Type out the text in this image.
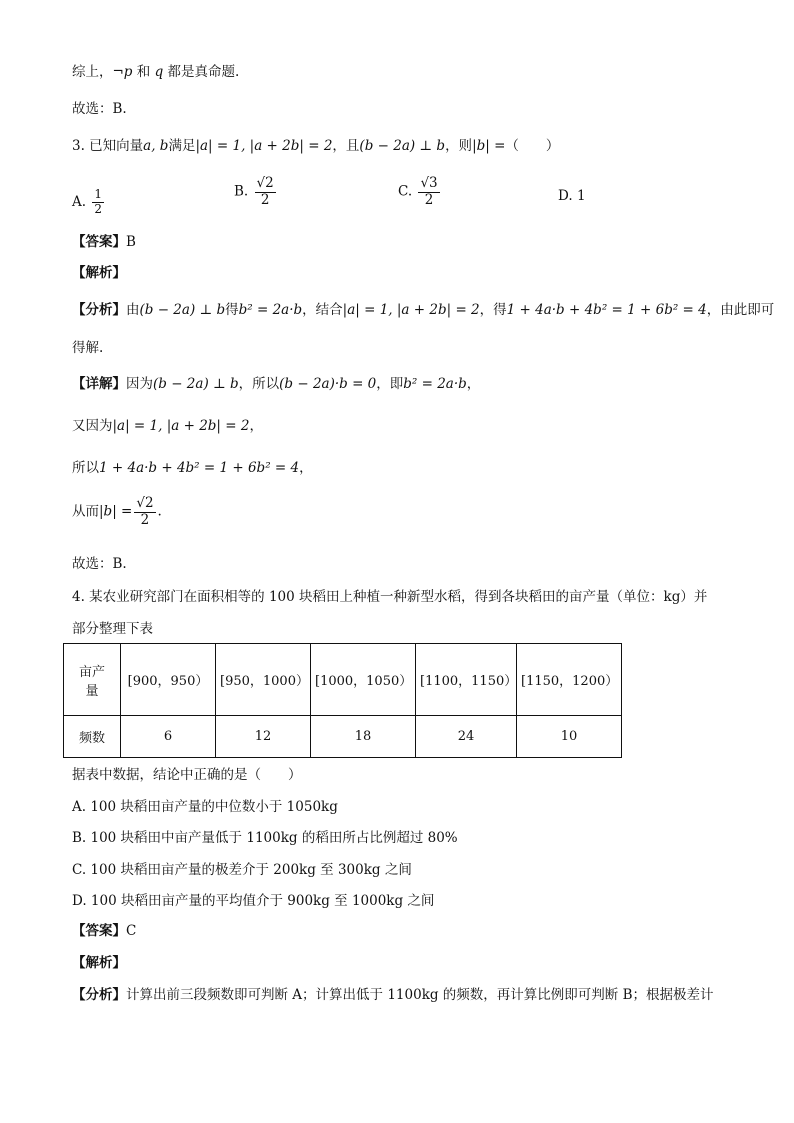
综上，¬p 和 q 都是真命题.
故选：B.
3. 已知向量a, b满足|a| = 1, |a + 2b| = 2，且(b − 2a) ⊥ b，则|b| =（　　）
A. $\frac{1}{2}$	B. $\frac{√2}{2}$	C. $\frac{√3}{2}$	D. 1
【答案】B
【解析】
【分析】由(b − 2a) ⊥ b得b² = 2a·b，结合|a| = 1, |a + 2b| = 2，得1 + 4a·b + 4b² = 1 + 6b² = 4，由此即可
得解.
【详解】因为(b − 2a) ⊥ b，所以(b − 2a)·b = 0，即b² = 2a·b，
又因为|a| = 1, |a + 2b| = 2，
所以1 + 4a·b + 4b² = 1 + 6b² = 4，
从而$|b| = \frac{√2}{2}$ .
故选：B.
4. 某农业研究部门在面积相等的 100 块稻田上种植一种新型水稻，得到各块稻田的亩产量（单位：kg）并
部分整理下表
亩产
量	[900，950）	[950，1000）	[1000，1050）	[1100，1150）	[1150，1200）
频数	6	12	18	24	10
据表中数据，结论中正确的是（　　）
A. 100 块稻田亩产量的中位数小于 1050kg
B. 100 块稻田中亩产量低于 1100kg 的稻田所占比例超过 80%
C. 100 块稻田亩产量的极差介于 200kg 至 300kg 之间
D. 100 块稻田亩产量的平均值介于 900kg 至 1000kg 之间
【答案】C
【解析】
【分析】计算出前三段频数即可判断 A；计算出低于 1100kg 的频数，再计算比例即可判断 B；根据极差计
